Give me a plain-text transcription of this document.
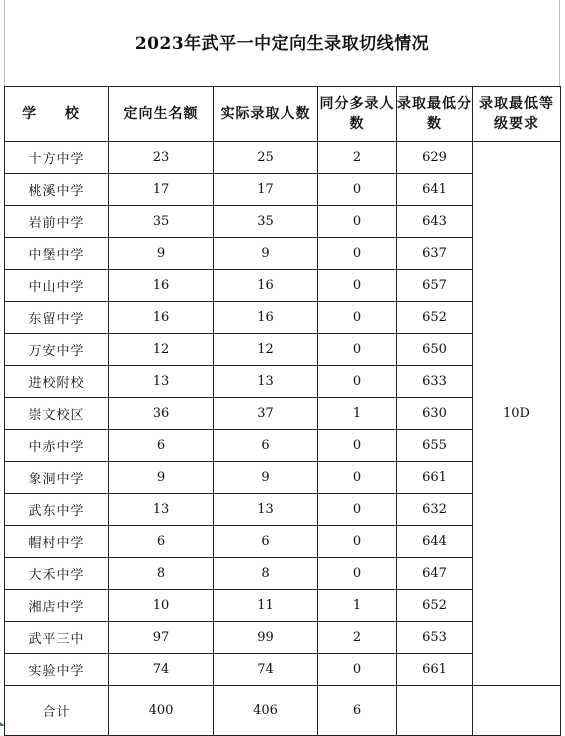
2023年武平一中定向生录取切线情况
学 校	定向生名额	实际录取人数	同分多录人数	录取最低分数	录取最低等级要求
十方中学	23	25	2	629	10D
桃溪中学	17	17	0	641	
岩前中学	35	35	0	643	
中堡中学	9	9	0	637	
中山中学	16	16	0	657	
东留中学	16	16	0	652	
万安中学	12	12	0	650	
进校附校	13	13	0	633	
崇文校区	36	37	1	630	
中赤中学	6	6	0	655	
象洞中学	9	9	0	661	
武东中学	13	13	0	632	
帽村中学	6	6	0	644	
大禾中学	8	8	0	647	
湘店中学	10	11	1	652	
武平三中	97	99	2	653	
实验中学	74	74	0	661	
合计	400	406	6		
